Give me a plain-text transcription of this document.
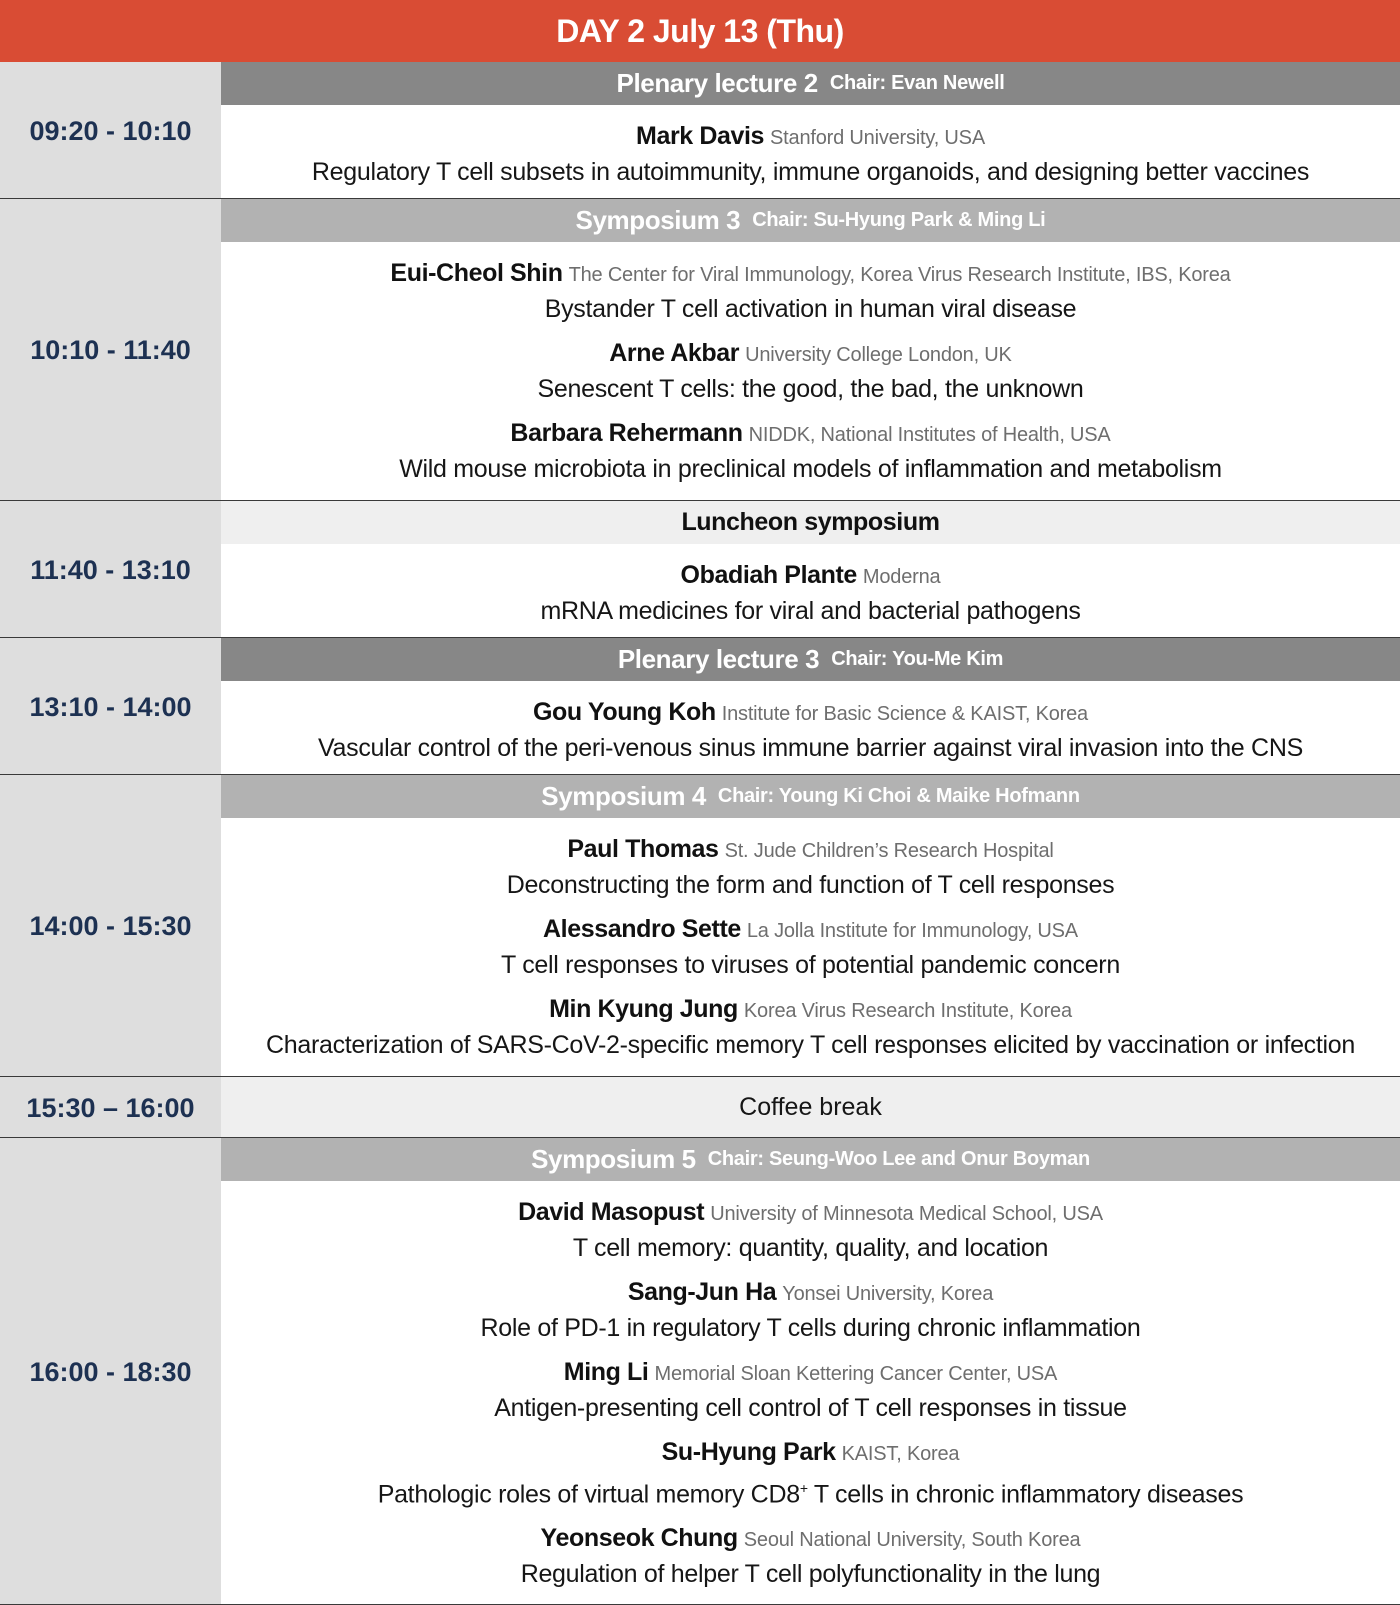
DAY 2 July 13 (Thu)
09:20 - 10:10
Plenary lecture 2 Chair: Evan Newell
Mark Davis Stanford University, USA
Regulatory T cell subsets in autoimmunity, immune organoids, and designing better vaccines
10:10 - 11:40
Symposium 3 Chair: Su-Hyung Park & Ming Li
Eui-Cheol Shin The Center for Viral Immunology, Korea Virus Research Institute, IBS, Korea
Bystander T cell activation in human viral disease
Arne Akbar University College London, UK
Senescent T cells: the good, the bad, the unknown
Barbara Rehermann NIDDK, National Institutes of Health, USA
Wild mouse microbiota in preclinical models of inflammation and metabolism
11:40 - 13:10
Luncheon symposium
Obadiah Plante Moderna
mRNA medicines for viral and bacterial pathogens
13:10 - 14:00
Plenary lecture 3 Chair: You-Me Kim
Gou Young Koh Institute for Basic Science & KAIST, Korea
Vascular control of the peri-venous sinus immune barrier against viral invasion into the CNS
14:00 - 15:30
Symposium 4 Chair: Young Ki Choi & Maike Hofmann
Paul Thomas St. Jude Children’s Research Hospital
Deconstructing the form and function of T cell responses
Alessandro Sette La Jolla Institute for Immunology, USA
T cell responses to viruses of potential pandemic concern
Min Kyung Jung Korea Virus Research Institute, Korea
Characterization of SARS-CoV-2-specific memory T cell responses elicited by vaccination or infection
15:30 – 16:00	Coffee break
16:00 - 18:30
Symposium 5 Chair: Seung-Woo Lee and Onur Boyman
David Masopust University of Minnesota Medical School, USA
T cell memory: quantity, quality, and location
Sang-Jun Ha Yonsei University, Korea
Role of PD-1 in regulatory T cells during chronic inflammation
Ming Li Memorial Sloan Kettering Cancer Center, USA
Antigen-presenting cell control of T cell responses in tissue
Su-Hyung Park KAIST, Korea
Pathologic roles of virtual memory CD8+ T cells in chronic inflammatory diseases
Yeonseok Chung Seoul National University, South Korea
Regulation of helper T cell polyfunctionality in the lung
